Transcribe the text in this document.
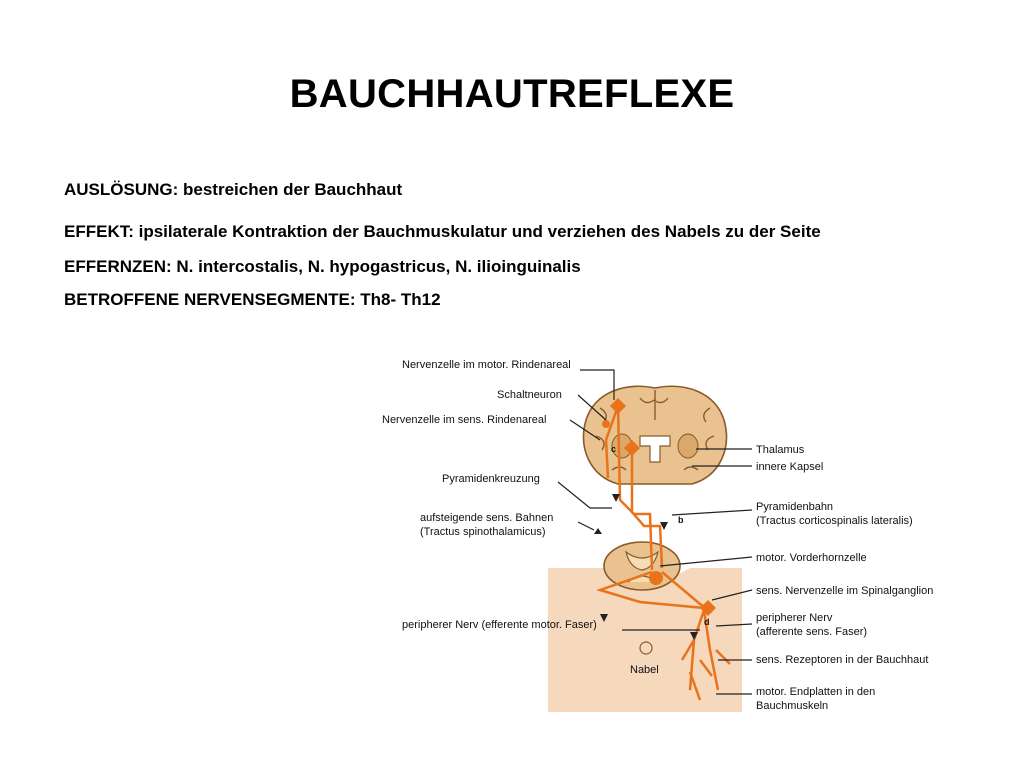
BAUCHHAUTREFLEXE
AUSLÖSUNG: bestreichen der Bauchhaut
EFFEKT: ipsilaterale Kontraktion der Bauchmuskulatur und verziehen des Nabels zu der Seite
EFFERNZEN: N. intercostalis, N. hypogastricus, N. ilioinguinalis
BETROFFENE NERVENSEGMENTE: Th8- Th12
Nervenzelle im motor. Rindenareal
Schaltneuron
Nervenzelle im sens. Rindenareal
Pyramidenkreuzung
aufsteigende sens. Bahnen
(Tractus spinothalamicus)
peripherer Nerv (efferente motor. Faser)
Thalamus
innere Kapsel
Pyramidenbahn
(Tractus corticospinalis lateralis)
motor. Vorderhornzelle
sens. Nervenzelle im Spinalganglion
peripherer Nerv
(afferente sens. Faser)
sens. Rezeptoren in der Bauchhaut
motor. Endplatten in den
Bauchmuskeln
Nabel
c
b
d
